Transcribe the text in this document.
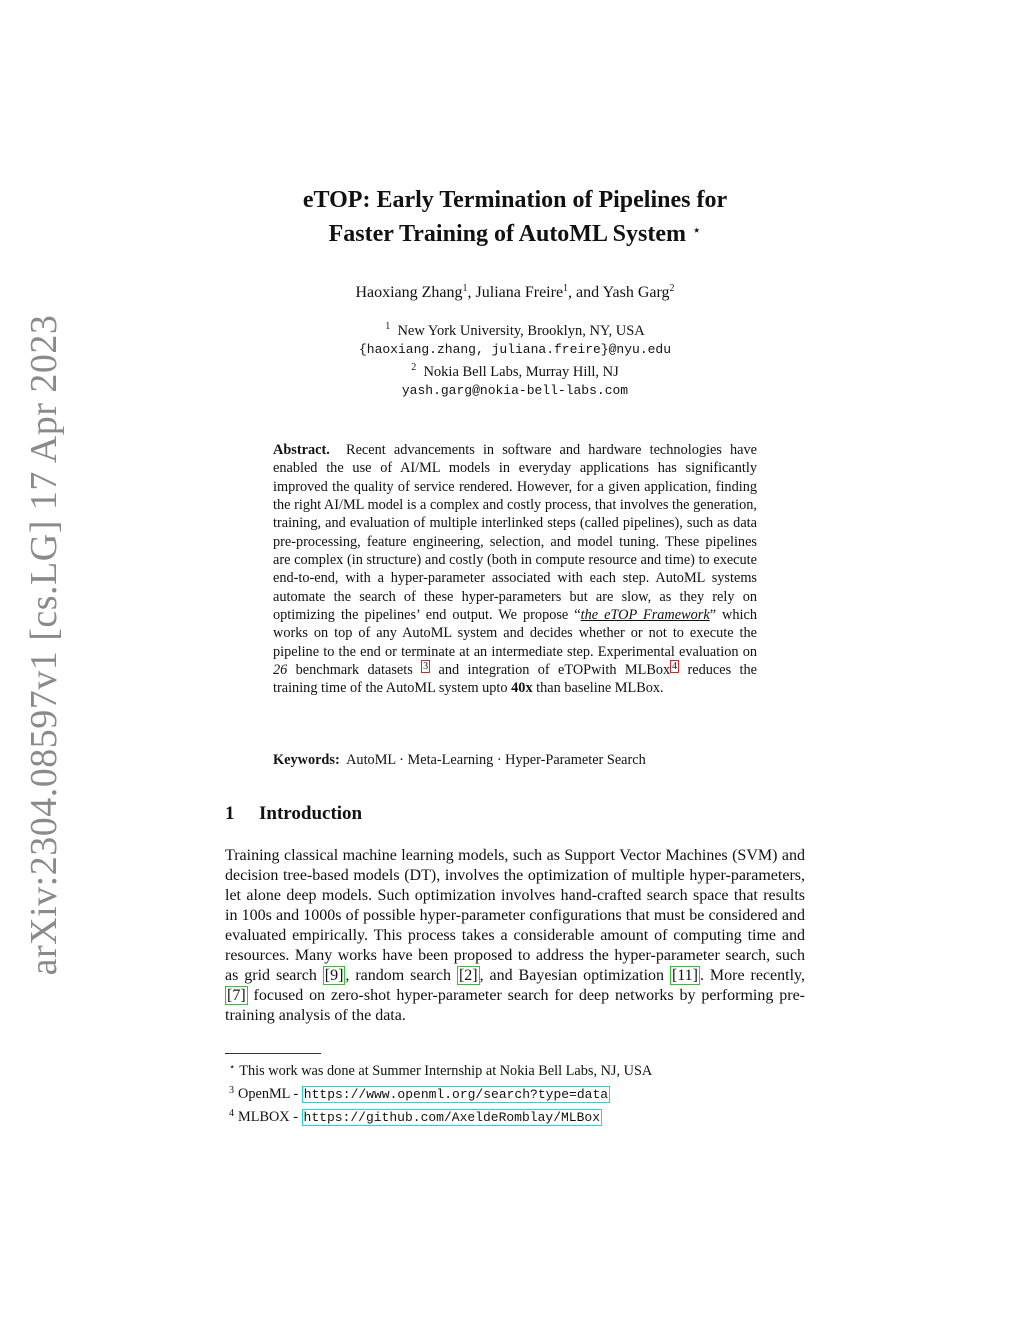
arXiv:2304.08597v1 [cs.LG] 17 Apr 2023
eTOP: Early Termination of Pipelines for
Faster Training of AutoML System ⋆
Haoxiang Zhang$^1$, Juliana Freire$^1$, and Yash Garg$^2$
$^1$ New York University, Brooklyn, NY, USA
{haoxiang.zhang, juliana.freire}@nyu.edu
$^2$ Nokia Bell Labs, Murray Hill, NJ
yash.garg@nokia-bell-labs.com

Abstract. Recent advancements in software and hardware technologies have enabled the use of AI/ML models in everyday applications has significantly improved the quality of service rendered. However, for a given application, finding the right AI/ML model is a complex and costly process, that involves the generation, training, and evaluation of multiple interlinked steps (called pipelines), such as data pre-processing, feature engineering, selection, and model tuning. These pipelines are complex (in structure) and costly (both in compute resource and time) to execute end-to-end, with a hyper-parameter associated with each step. AutoML systems automate the search of these hyper-parameters but are slow, as they rely on optimizing the pipelines’ end output. We propose “the eTOP Framework” which works on top of any AutoML system and decides whether or not to execute the pipeline to the end or terminate at an intermediate step. Experimental evaluation on 26 benchmark datasets $^3$ and integration of eTOPwith MLBox $^4$ reduces the training time of the AutoML system upto 40x than baseline MLBox.

Keywords: AutoML · Meta-Learning · Hyper-Parameter Search
1 Introduction

Training classical machine learning models, such as Support Vector Machines (SVM) and decision tree-based models (DT), involves the optimization of multiple hyper-parameters, let alone deep models. Such optimization involves hand-crafted search space that results in 100s and 1000s of possible hyper-parameter configurations that must be considered and evaluated empirically. This process takes a considerable amount of computing time and resources. Many works have been proposed to address the hyper-parameter search, such as grid search [9] , random search [2] , and Bayesian optimization [11] . More recently, [7] focused on zero-shot hyper-parameter search for deep networks by performing pre-training analysis of the data.

⋆ This work was done at Summer Internship at Nokia Bell Labs, NJ, USA
$^3$ OpenML - https://www.openml.org/search?type=data
$^4$ MLBOX - https://github.com/AxeldeRomblay/MLBox
